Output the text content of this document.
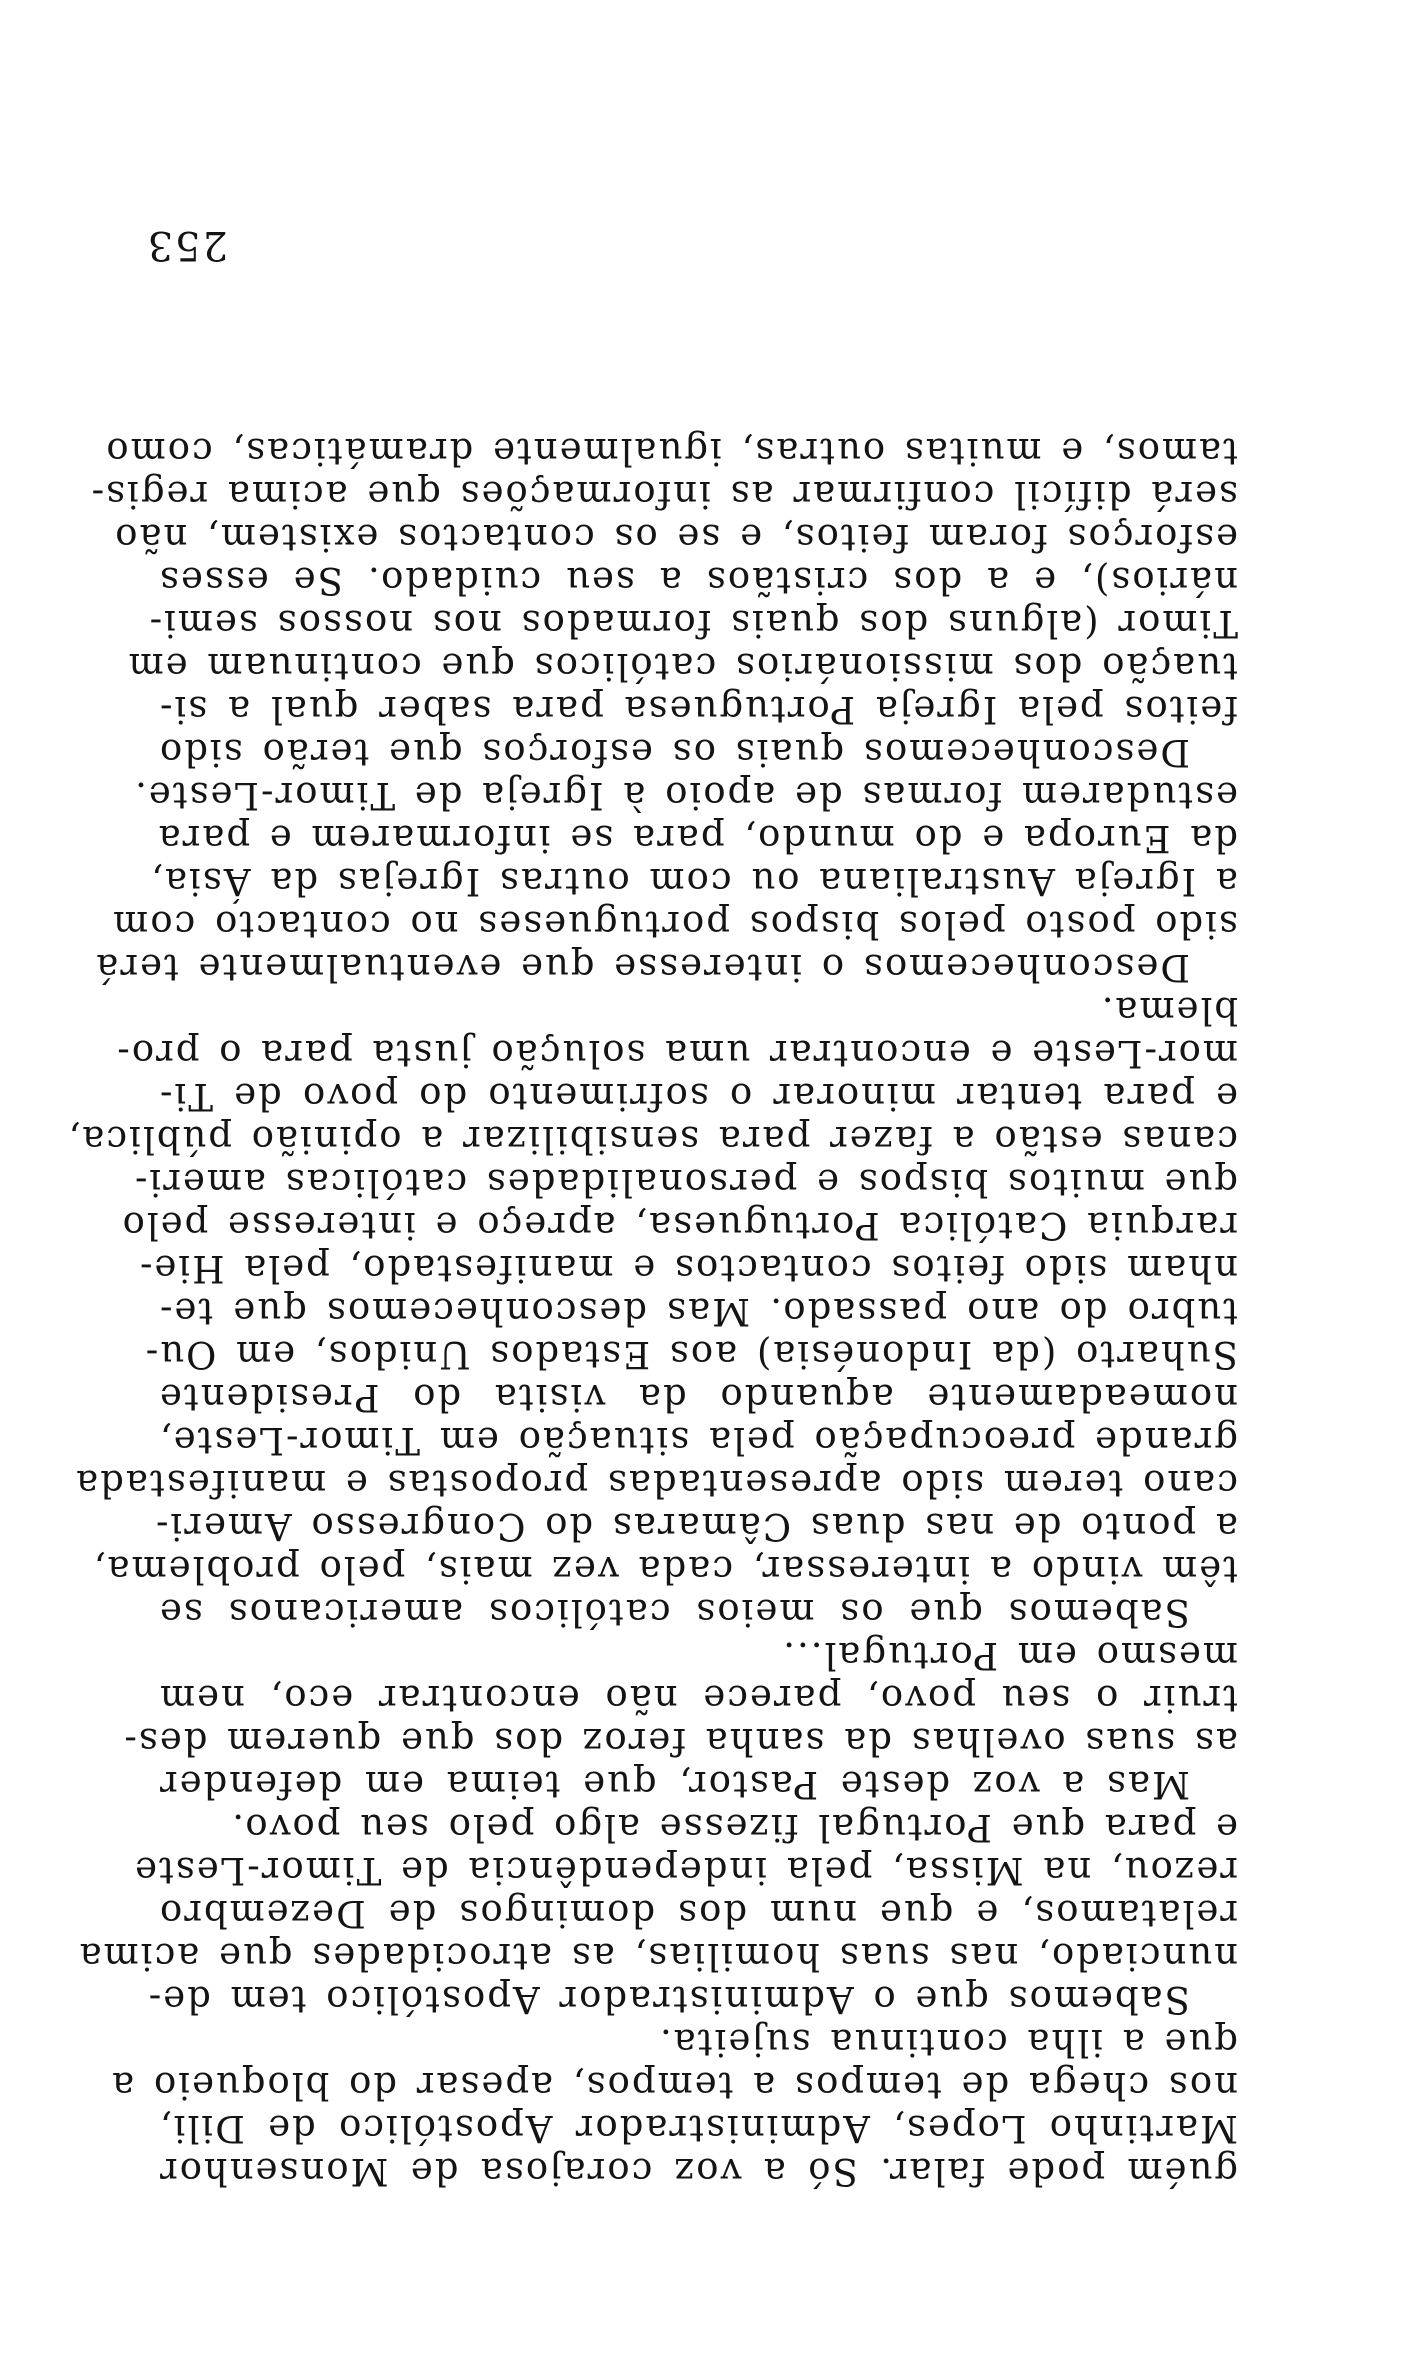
guém pode falar. Só a voz corajosa de Monsenhor
Martinho Lopes, Administrador Apostólico de Dili,
nos chega de tempos a tempos, apesar do bloqueio a
que a ilha continua sujeita.
Sabemos que o Administrador Apostólico tem de-
nunciado, nas suas homilias, as atrocidades que acima
relatamos, e que num dos domingos de Dezembro
rezou, na Missa, pela independência de Timor-Leste
e para que Portugal fizesse algo pelo seu povo.
Mas a voz deste Pastor, que teima em defender
as suas ovelhas da sanha feroz dos que querem des-
truir o seu povo, parece não encontrar eco, nem
mesmo em Portugal...
Sabemos que os meios católicos americanos se
têm vindo a interessar, cada vez mais, pelo problema,
a ponto de nas duas Câmaras do Congresso Ameri-
cano terem sido apresentadas propostas e manifestada
grande preocupação pela situação em Timor-Leste,
nomeadamente aquando da visita do Presidente
Suharto (da Indonésia) aos Estados Unidos, em Ou-
tubro do ano passado. Mas desconhecemos que te-
nham sido feitos contactos e manifestado, pela Hie-
rarquia Católica Portuguesa, apreço e interesse pelo
que muitos bispos e personalidades católicas ameri-
canas estão a fazer para sensibilizar a opinião pública,
e para tentar minorar o sofrimento do povo de Ti-
mor-Leste e encontrar uma solução justa para o pro-
blema.
Desconhecemos o interesse que eventualmente terá
sido posto pelos bispos portugueses no contacto com
a Igreja Australiana ou com outras Igrejas da Ásia,
da Europa e do mundo, para se informarem e para
estudarem formas de apoio à Igreja de Timor-Leste.
Desconhecemos quais os esforços que terão sido
feitos pela Igreja Portuguesa para saber qual a si-
tuação dos missionários católicos que continuam em
Timor (alguns dos quais formados nos nossos semi-
nários), e a dos cristãos a seu cuidado. Se esses
esforços foram feitos, e se os contactos existem, não
será difícil confirmar as informações que acima regis-
tamos, e muitas outras, igualmente dramáticas, como
253
